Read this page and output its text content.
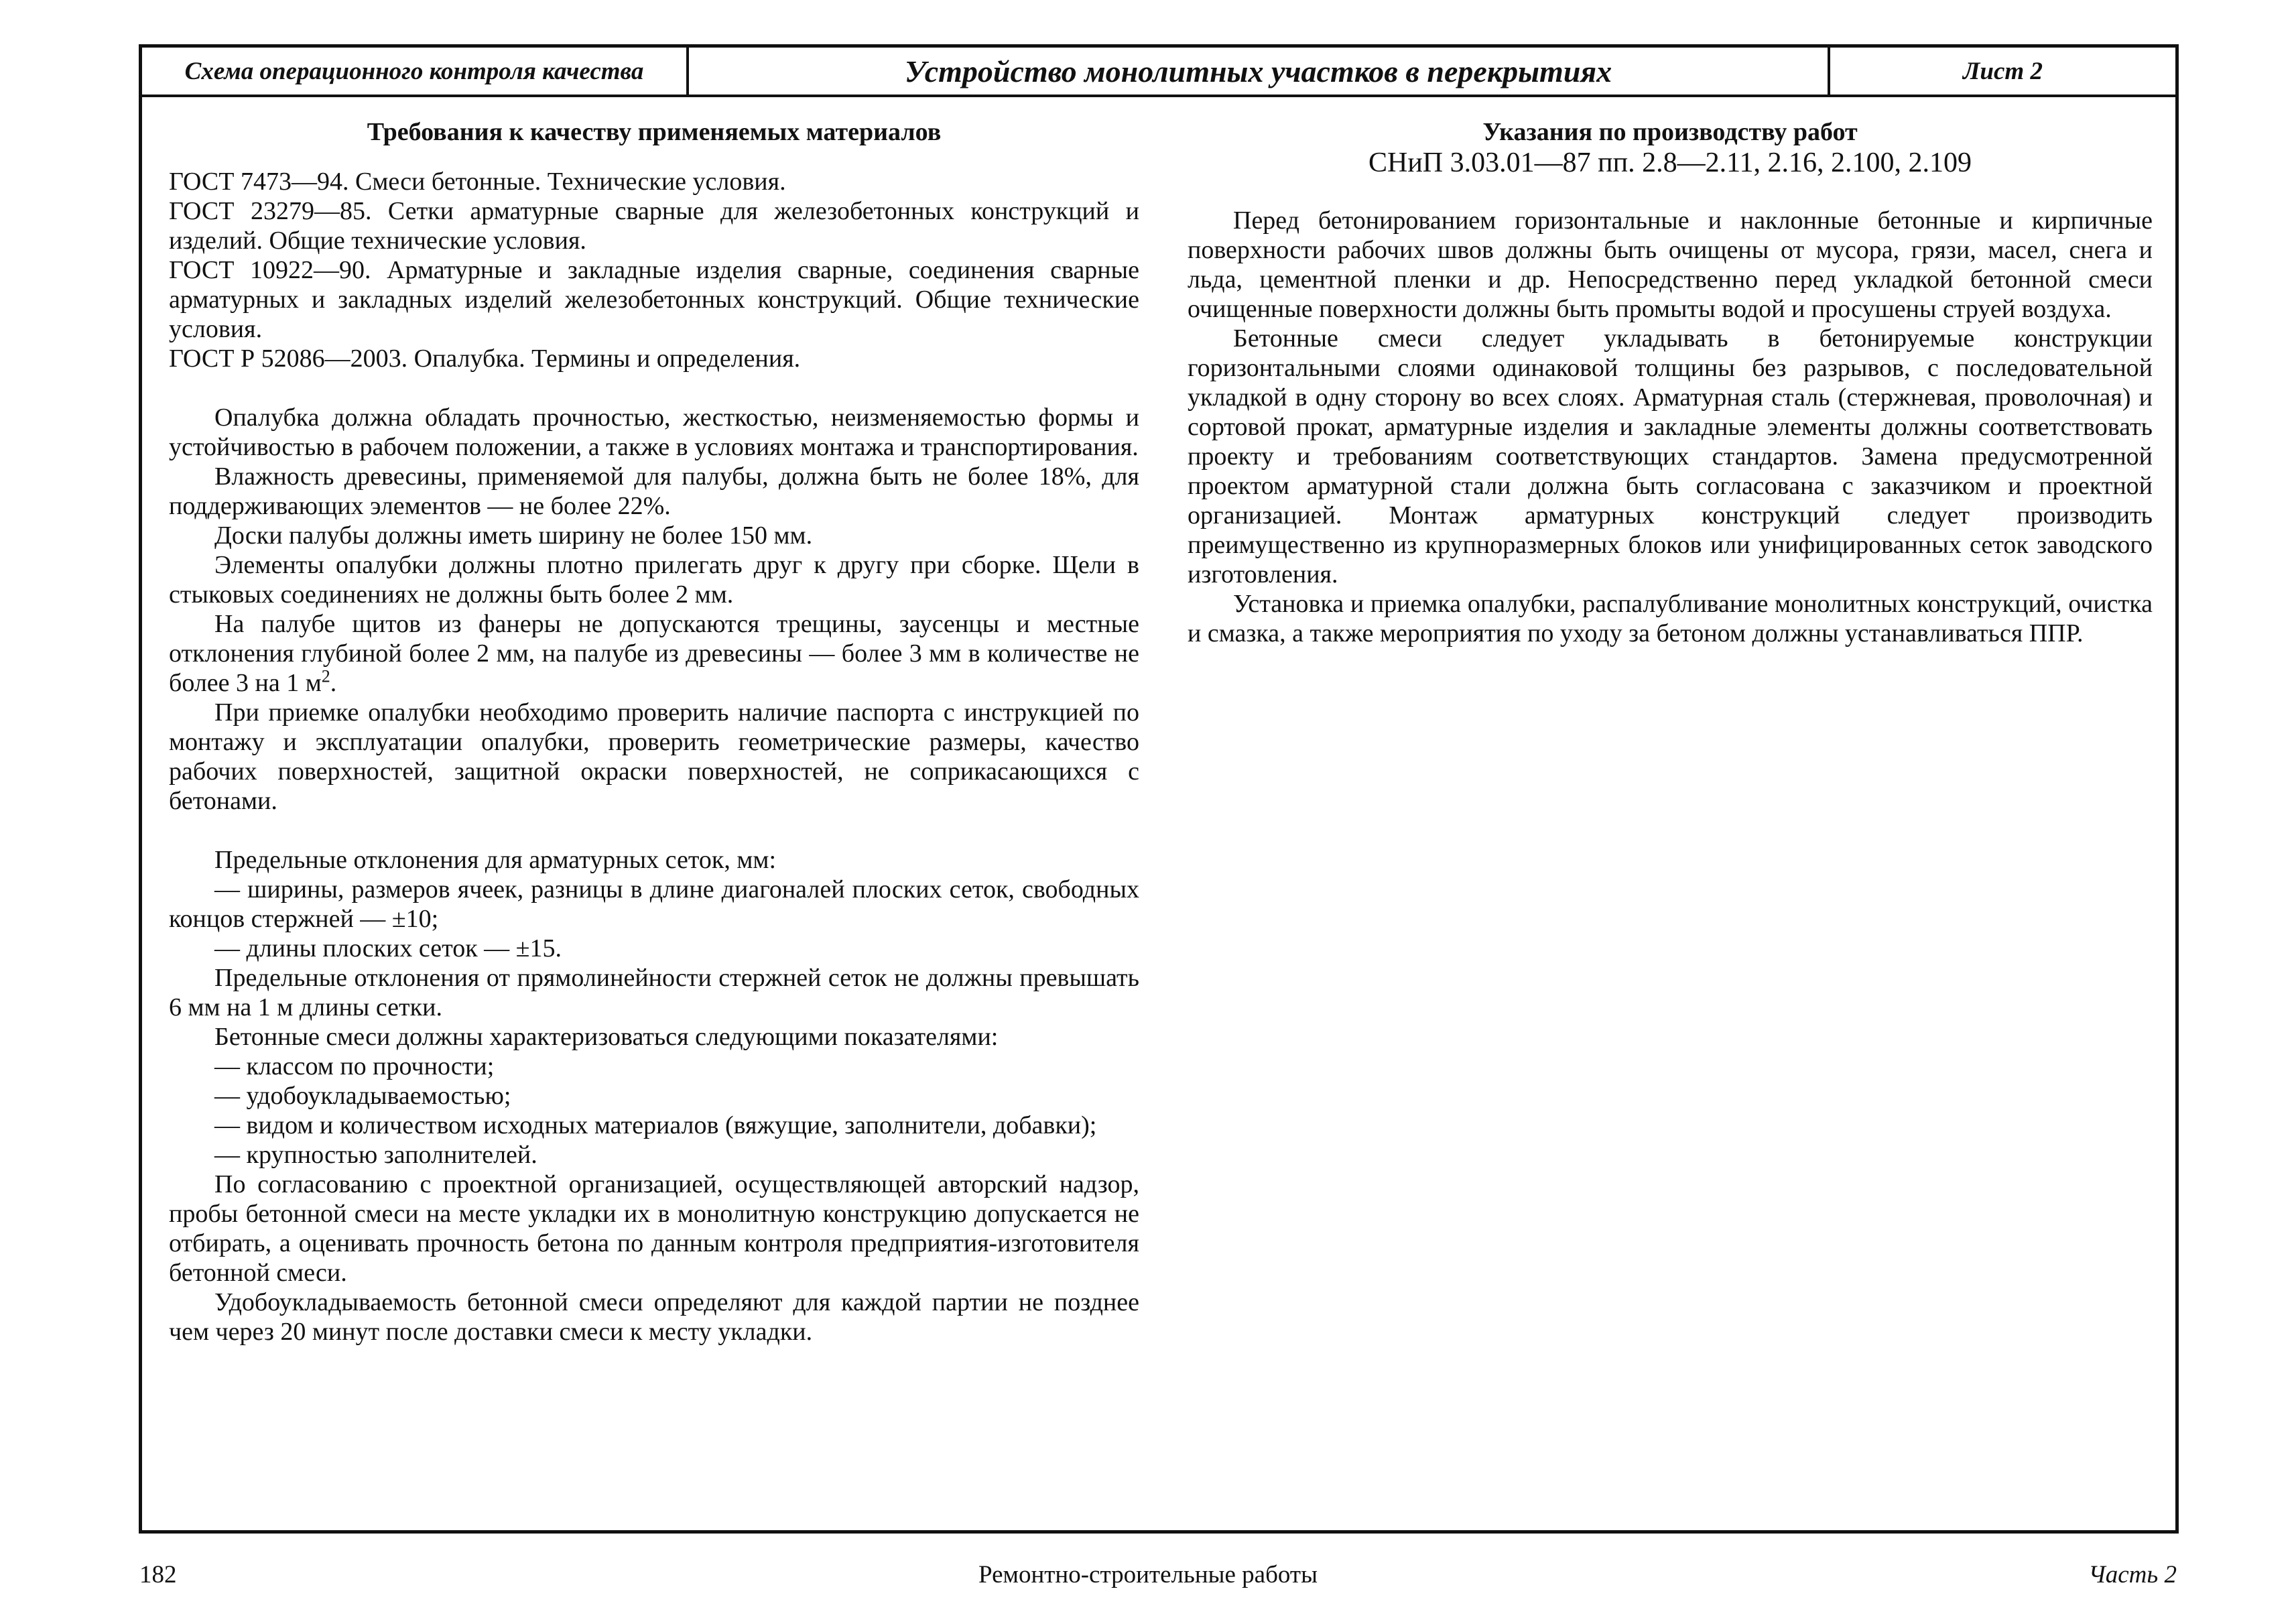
Схема операционного контроля качества	Устройство монолитных участков в перекрытиях	Лист 2
Требования к качеству применяемых материалов

ГОСТ 7473—94. Смеси бетонные. Технические условия.

ГОСТ 23279—85. Сетки арматурные сварные для железобетонных конструкций и изделий. Общие технические условия.

ГОСТ 10922—90. Арматурные и закладные изделия сварные, соединения сварные арматурных и закладных изделий железобетонных конструкций. Общие технические условия.

ГОСТ Р 52086—2003. Опалубка. Термины и определения.

Опалубка должна обладать прочностью, жесткостью, неизменяемостью формы и устойчивостью в рабочем положении, а также в условиях монтажа и транспортирования.

Влажность древесины, применяемой для палубы, должна быть не более 18%, для поддерживающих элементов — не более 22%.

Доски палубы должны иметь ширину не более 150 мм.

Элементы опалубки должны плотно прилегать друг к другу при сборке. Щели в стыковых соединениях не должны быть более 2 мм.

На палубе щитов из фанеры не допускаются трещины, заусенцы и местные отклонения глубиной более 2 мм, на палубе из древесины — более 3 мм в количестве не более 3 на 1 $м^2$.

При приемке опалубки необходимо проверить наличие паспорта с инструкцией по монтажу и эксплуатации опалубки, проверить геометрические размеры, качество рабочих поверхностей, защитной окраски поверхностей, не соприкасающихся с бетонами.

Предельные отклонения для арматурных сеток, мм:

— ширины, размеров ячеек, разницы в длине диагоналей плоских сеток, свободных концов стержней — ±10;

— длины плоских сеток — ±15.

Предельные отклонения от прямолинейности стержней сеток не должны превышать 6 мм на 1 м длины сетки.

Бетонные смеси должны характеризоваться следующими показателями:

— классом по прочности;

— удобоукладываемостью;

— видом и количеством исходных материалов (вяжущие, заполнители, добавки);

— крупностью заполнителей.

По согласованию с проектной организацией, осуществляющей авторский надзор, пробы бетонной смеси на месте укладки их в монолитную конструкцию допускается не отбирать, а оценивать прочность бетона по данным контроля предприятия-изготовителя бетонной смеси.

Удобоукладываемость бетонной смеси определяют для каждой партии не позднее чем через 20 минут после доставки смеси к месту укладки.

Указания по производству работ
СНиП 3.03.01—87 пп. 2.8—2.11, 2.16, 2.100, 2.109

Перед бетонированием горизонтальные и наклонные бетонные и кирпичные поверхности рабочих швов должны быть очищены от мусора, грязи, масел, снега и льда, цементной пленки и др. Непосредственно перед укладкой бетонной смеси очищенные поверхности должны быть промыты водой и просушены струей воздуха.

Бетонные смеси следует укладывать в бетонируемые конструкции горизонтальными слоями одинаковой толщины без разрывов, с последовательной укладкой в одну сторону во всех слоях. Арматурная сталь (стержневая, проволочная) и сортовой прокат, арматурные изделия и закладные элементы должны соответствовать проекту и требованиям соответствующих стандартов. Замена предусмотренной проектом арматурной стали должна быть согласована с заказчиком и проектной организацией. Монтаж арматурных конструкций следует производить преимущественно из крупноразмерных блоков или унифицированных сеток заводского изготовления.

Установка и приемка опалубки, распалубливание монолитных конструкций, очистка и смазка, а также мероприятия по уходу за бетоном должны устанавливаться ППР.

182	Ремонтно-строительные работы	Часть 2
